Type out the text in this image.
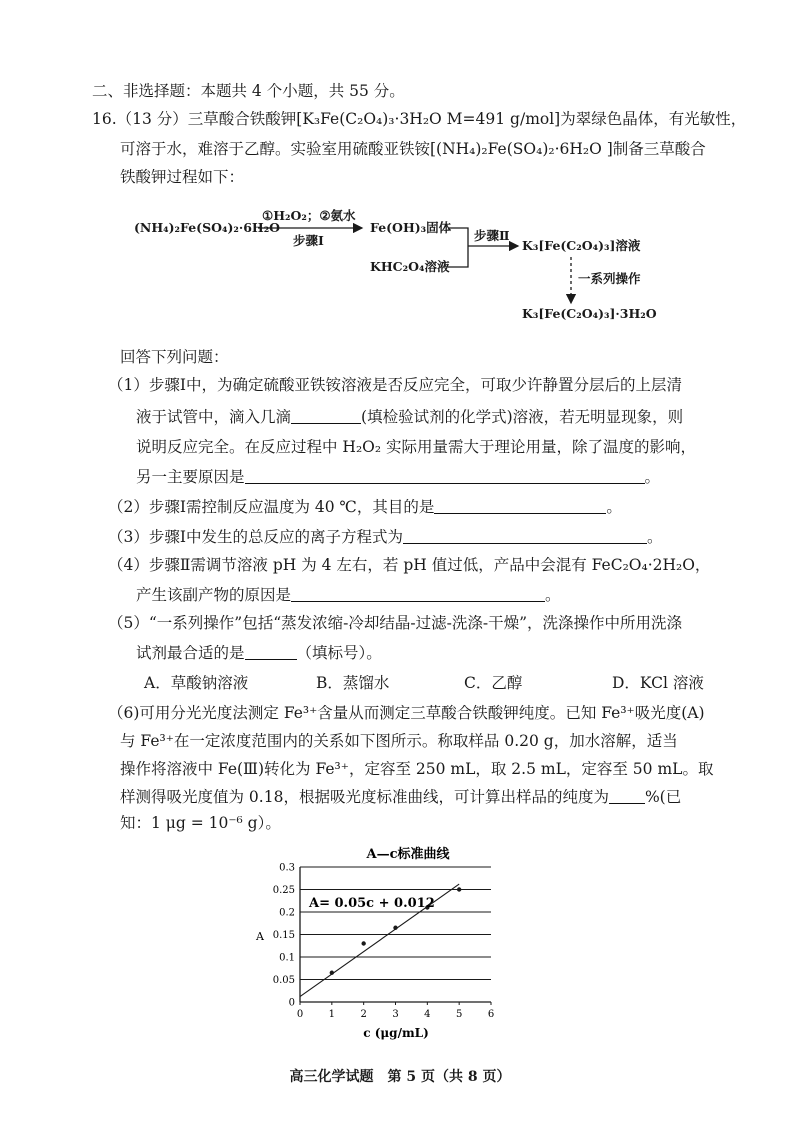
二、非选择题：本题共 4 个小题，共 55 分。
16.（13 分）三草酸合铁酸钾[K₃Fe(C₂O₄)₃·3H₂O M=491 g/mol]为翠绿色晶体，有光敏性，
可溶于水，难溶于乙醇。实验室用硫酸亚铁铵[(NH₄)₂Fe(SO₄)₂·6H₂O ]制备三草酸合
铁酸钾过程如下：
(NH₄)₂Fe(SO₄)₂·6H₂O
①H₂O₂；②氨水
步骤Ⅰ
Fe(OH)₃固体
KHC₂O₄溶液
步骤Ⅱ
K₃[Fe(C₂O₄)₃]溶液
一系列操作
K₃[Fe(C₂O₄)₃]·3H₂O
回答下列问题：
（1）步骤Ⅰ中，为确定硫酸亚铁铵溶液是否反应完全，可取少许静置分层后的上层清
液于试管中，滴入几滴	(填检验试剂的化学式)溶液，若无明显现象，则
说明反应完全。在反应过程中 H₂O₂ 实际用量需大于理论用量，除了温度的影响，
另一主要原因是	。
（2）步骤Ⅰ需控制反应温度为 40 ℃，其目的是	。
（3）步骤Ⅰ中发生的总反应的离子方程式为	。
（4）步骤Ⅱ需调节溶液 pH 为 4 左右，若 pH 值过低，产品中会混有 FeC₂O₄·2H₂O，
产生该副产物的原因是	。
（5）“一系列操作”包括“蒸发浓缩-冷却结晶-过滤-洗涤-干燥”，洗涤操作中所用洗涤
试剂最合适的是	（填标号）。
A．草酸钠溶液	B．蒸馏水	C．乙醇	D．KCl 溶液
（6)可用分光光度法测定 Fe³⁺含量从而测定三草酸合铁酸钾纯度。已知 Fe³⁺吸光度(A)
与 Fe³⁺在一定浓度范围内的关系如下图所示。称取样品 0.20 g，加水溶解，适当
操作将溶液中 Fe(Ⅲ)转化为 Fe³⁺，定容至 250 mL，取 2.5 mL，定容至 50 mL。取
样测得吸光度值为 0.18，根据吸光度标准曲线，可计算出样品的纯度为 %(已
知：1 μg = 10⁻⁶ g）。
A—c标准曲线
0
0.05
0.1
0.15
0.2
0.25
0.3
0	1	2	3	4	5	6
A= 0.05c + 0.012
A
c (μg/mL)
高三化学试题　第 5 页（共 8 页）
